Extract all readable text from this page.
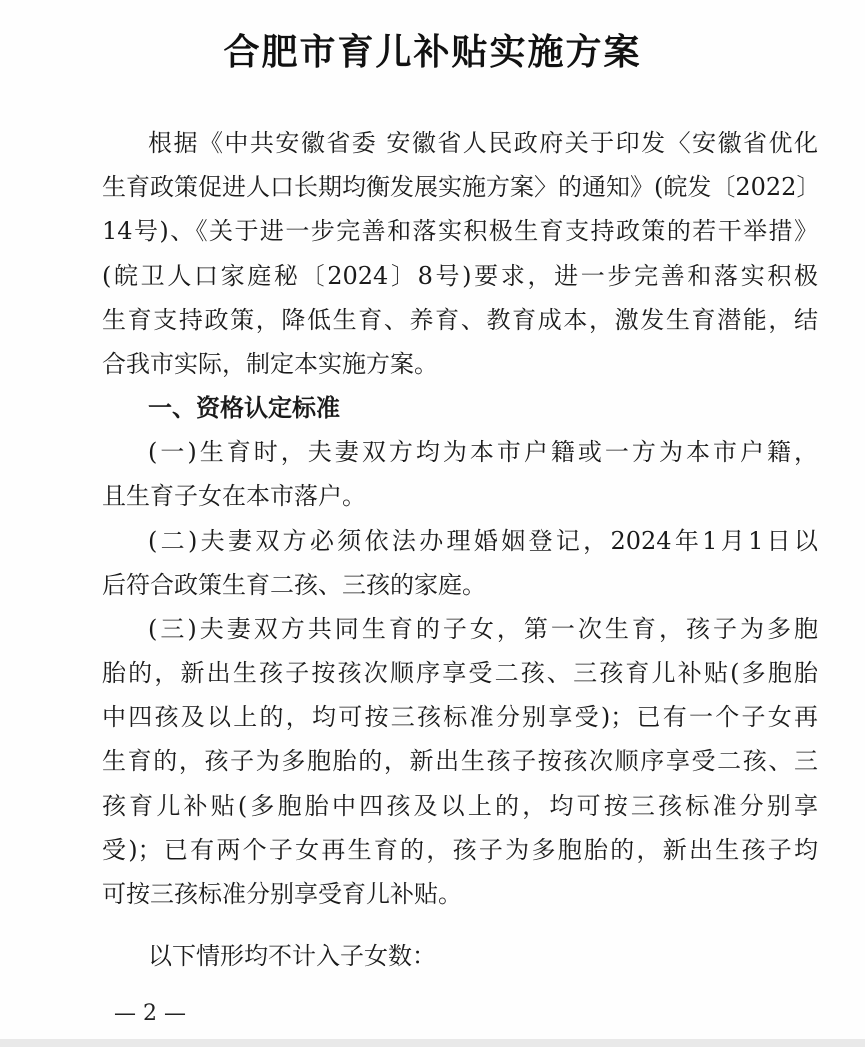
合肥市育儿补贴实施方案
根据《中共安徽省委 安徽省人民政府关于印发〈安徽省优化
生育政策促进人口长期均衡发展实施方案〉的通知》(皖发〔2022〕
14号)、《关于进一步完善和落实积极生育支持政策的若干举措》
(皖卫人口家庭秘〔2024〕8号)要求，进一步完善和落实积极
生育支持政策，降低生育、养育、教育成本，激发生育潜能，结
合我市实际，制定本实施方案。
一、资格认定标准
(一)生育时，夫妻双方均为本市户籍或一方为本市户籍，
且生育子女在本市落户。
(二)夫妻双方必须依法办理婚姻登记，2024年1月1日以
后符合政策生育二孩、三孩的家庭。
(三)夫妻双方共同生育的子女，第一次生育，孩子为多胞
胎的，新出生孩子按孩次顺序享受二孩、三孩育儿补贴(多胞胎
中四孩及以上的，均可按三孩标准分别享受)；已有一个子女再
生育的，孩子为多胞胎的，新出生孩子按孩次顺序享受二孩、三
孩育儿补贴(多胞胎中四孩及以上的，均可按三孩标准分别享
受)；已有两个子女再生育的，孩子为多胞胎的，新出生孩子均
可按三孩标准分别享受育儿补贴。
以下情形均不计入子女数：
— 2 —
